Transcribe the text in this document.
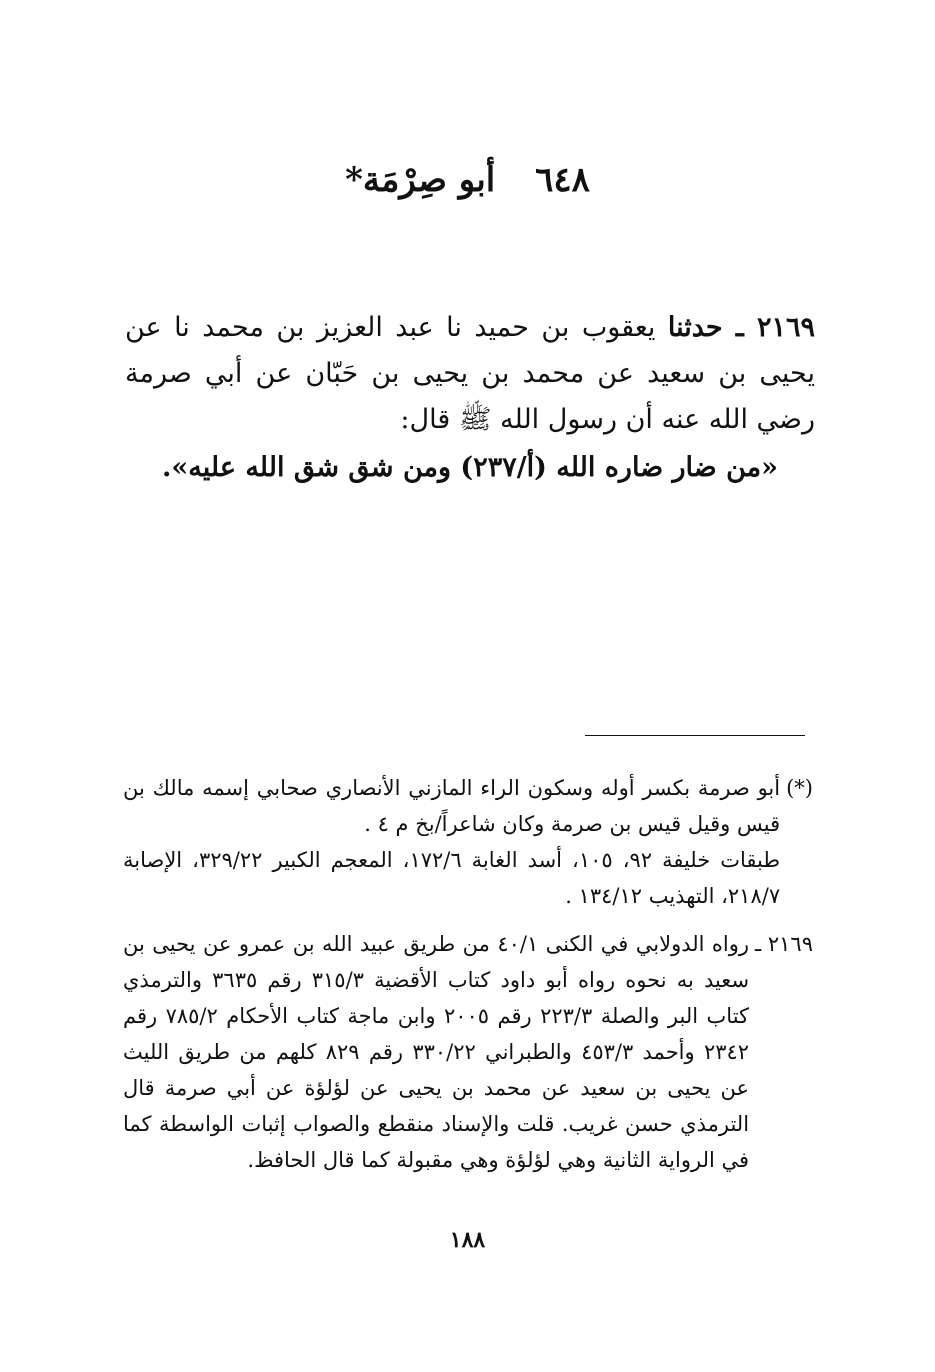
٦٤٨ أبو صِرْمَة*

٢١٦٩ ـ حدثنا يعقوب بن حميد نا عبد العزيز بن محمد نا عن يحيى بن سعيد عن محمد بن يحيى بن حَبّان عن أبي صرمة رضي الله عنه أن رسول الله ﷺ قال:

«من ضار ضاره الله (أ/٢٣٧) ومن شق شق الله عليه».

(*)

أبو صرمة بكسر أوله وسكون الراء المازني الأنصاري صحابي إسمه مالك بن قيس وقيل قيس بن صرمة وكان شاعراً/بخ م ٤ .

طبقات خليفة ٩٢، ١٠٥، أسد الغابة ١٧٢/٦، المعجم الكبير ٣٢٩/٢٢، الإصابة ٢١٨/٧، التهذيب ١٣٤/١٢ .

٢١٦٩ ـ

رواه الدولابي في الكنى ٤٠/١ من طريق عبيد الله بن عمرو عن يحيى بن سعيد به نحوه رواه أبو داود كتاب الأقضية ٣١٥/٣ رقم ٣٦٣٥ والترمذي كتاب البر والصلة ٢٢٣/٣ رقم ٢٠٠٥ وابن ماجة كتاب الأحكام ٧٨٥/٢ رقم ٢٣٤٢ وأحمد ٤٥٣/٣ والطبراني ٣٣٠/٢٢ رقم ٨٢٩ كلهم من طريق الليث عن يحيى بن سعيد عن محمد بن يحيى عن لؤلؤة عن أبي صرمة قال الترمذي حسن غريب. قلت والإسناد منقطع والصواب إثبات الواسطة كما في الرواية الثانية وهي لؤلؤة وهي مقبولة كما قال الحافظ.

١٨٨
